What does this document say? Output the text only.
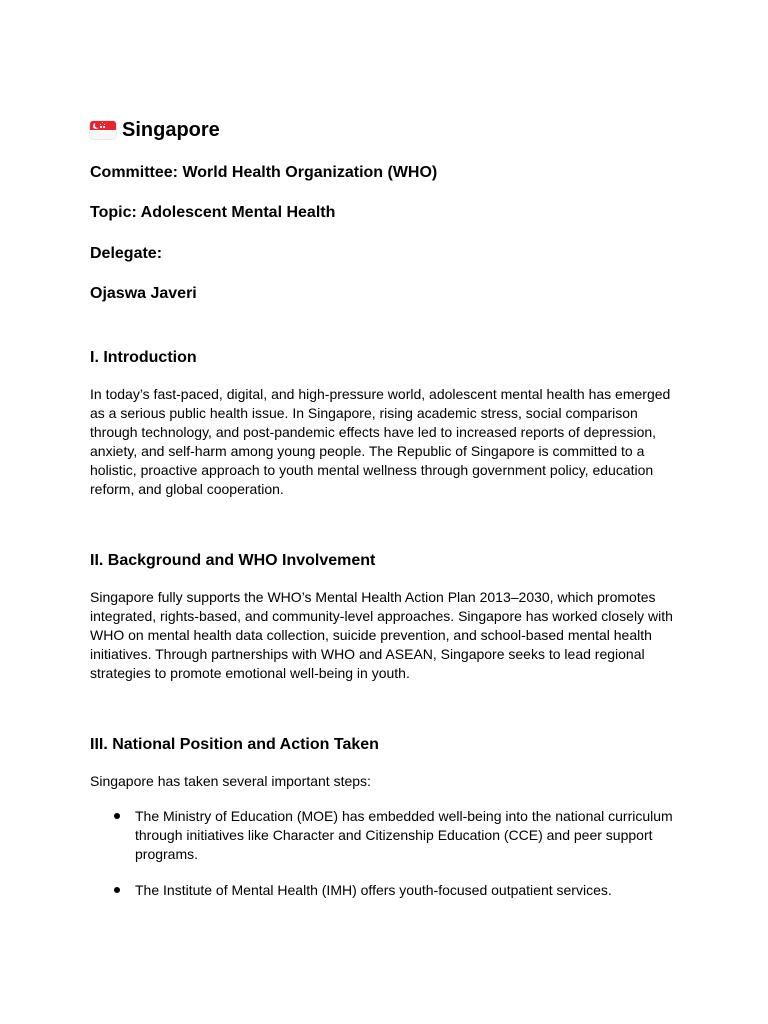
Singapore
Committee: World Health Organization (WHO)
Topic: Adolescent Mental Health
Delegate:
Ojaswa Javeri
I. Introduction
In today’s fast-paced, digital, and high-pressure world, adolescent mental health has emerged as a serious public health issue. In Singapore, rising academic stress, social comparison through technology, and post-pandemic effects have led to increased reports of depression, anxiety, and self-harm among young people. The Republic of Singapore is committed to a holistic, proactive approach to youth mental wellness through government policy, education reform, and global cooperation.
II. Background and WHO Involvement
Singapore fully supports the WHO’s Mental Health Action Plan 2013–2030, which promotes integrated, rights-based, and community-level approaches. Singapore has worked closely with WHO on mental health data collection, suicide prevention, and school-based mental health initiatives. Through partnerships with WHO and ASEAN, Singapore seeks to lead regional strategies to promote emotional well-being in youth.
III. National Position and Action Taken
Singapore has taken several important steps:
The Ministry of Education (MOE) has embedded well-being into the national curriculum through initiatives like Character and Citizenship Education (CCE) and peer support programs.
The Institute of Mental Health (IMH) offers youth-focused outpatient services.
